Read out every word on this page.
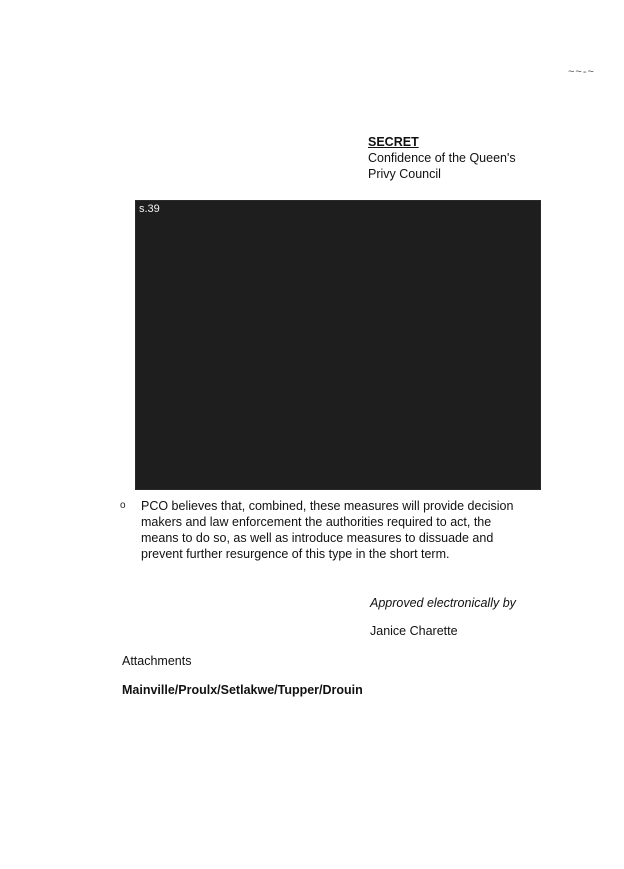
~~-~
SECRET
Confidence of the Queen's
Privy Council
s.39
o	PCO believes that, combined, these measures will provide decision makers and law enforcement the authorities required to act, the means to do so, as well as introduce measures to dissuade and prevent further resurgence of this type in the short term.
Approved electronically by
Janice Charette
Attachments
Mainville/Proulx/Setlakwe/Tupper/Drouin
